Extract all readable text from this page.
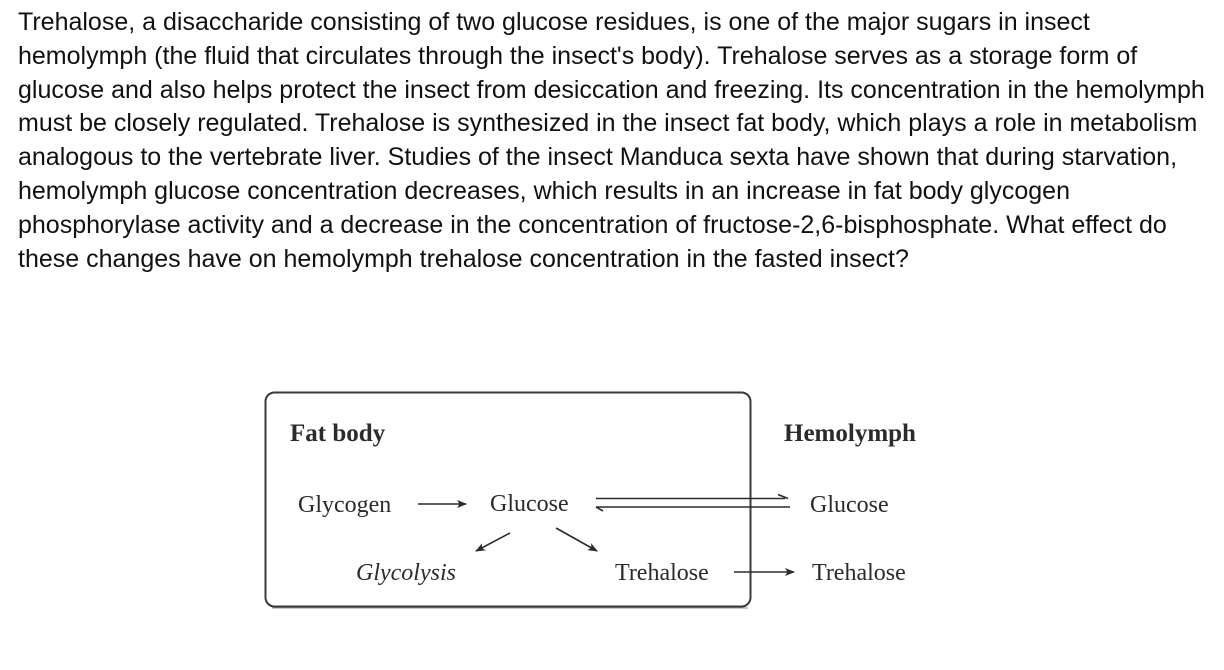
Trehalose, a disaccharide consisting of two glucose residues, is one of the major sugars in insect hemolymph (the fluid that circulates through the insect's body). Trehalose serves as a storage form of glucose and also helps protect the insect from desiccation and freezing. Its concentration in the hemolymph must be closely regulated. Trehalose is synthesized in the insect fat body, which plays a role in metabolism analogous to the vertebrate liver. Studies of the insect Manduca sexta have shown that during starvation, hemolymph glucose concentration decreases, which results in an increase in fat body glycogen phosphorylase activity and a decrease in the concentration of fructose-2,6-bisphosphate. What effect do these changes have on hemolymph trehalose concentration in the fasted insect?

Fat body	Hemolymph
Glycogen	Glucose	Glucose
Glycolysis	Trehalose	Trehalose
